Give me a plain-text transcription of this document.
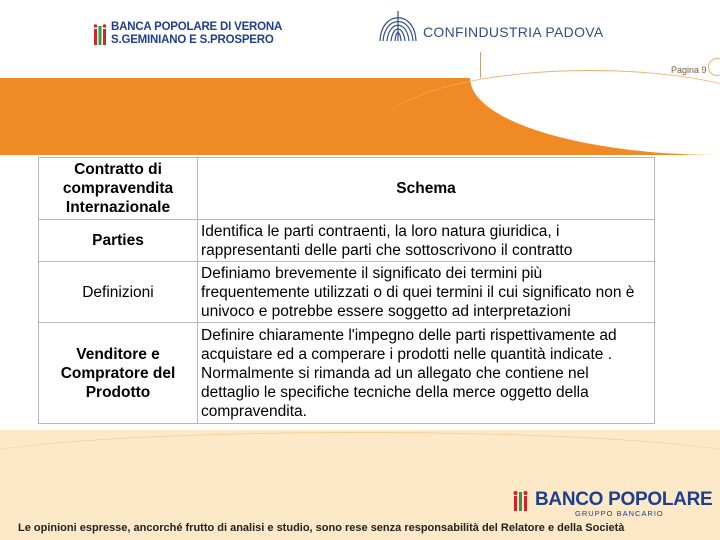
BANCA POPOLARE DI VERONA
S.GEMINIANO E S.PROSPERO	CONFINDUSTRIA PADOVA
Pagina 9
Contratto di compravendita Internazionale	Schema
Parties	Identifica le parti contraenti, la loro natura giuridica, i rappresentanti delle parti che sottoscrivono il contratto
Definizioni	Definiamo brevemente il significato dei termini più frequentemente utilizzati o di quei termini il cui significato non è univoco e potrebbe essere soggetto ad interpretazioni
Venditore e Compratore del Prodotto	Definire chiaramente l'impegno delle parti rispettivamente ad acquistare ed a comperare i prodotti nelle quantità indicate . Normalmente si rimanda ad un allegato che contiene nel dettaglio le specifiche tecniche della merce oggetto della compravendita.
BANCO POPOLARE
GRUPPO BANCARIO
Le opinioni espresse, ancorché frutto di analisi e studio, sono rese senza responsabilità del Relatore e della Società
